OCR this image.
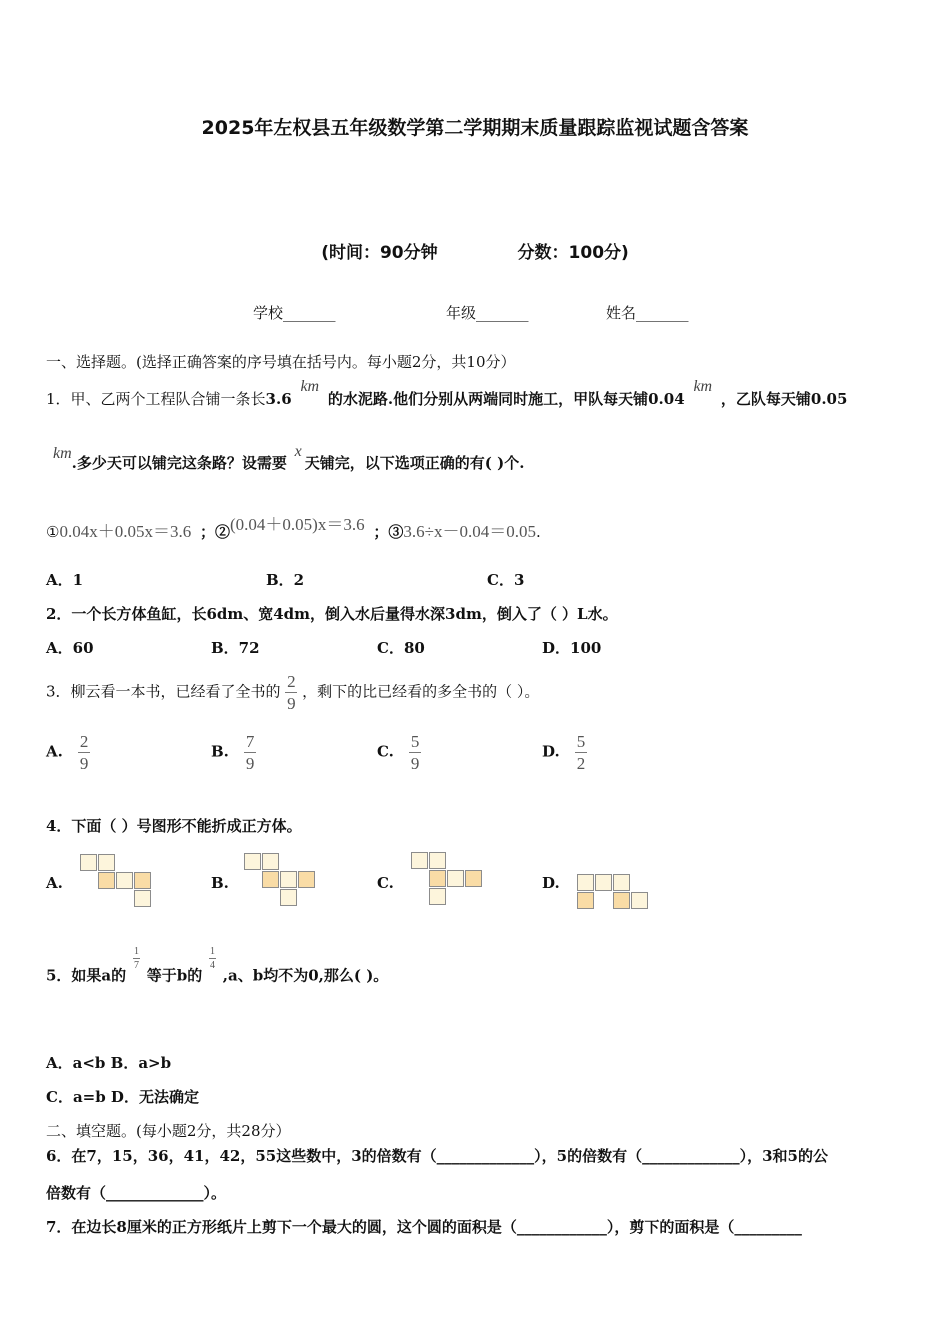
2025年左权县五年级数学第二学期期末质量跟踪监视试题含答案
(时间：90分钟	分数：100分)
学校_______	年级_______	姓名_______
一、选择题。(选择正确答案的序号填在括号内。每小题2分，共10分）
1．甲、乙两个工程队合铺一条长3.6 km 的水泥路.他们分别从两端同时施工，甲队每天铺0.04 km ，乙队每天铺0.05
km.多少天可以铺完这条路？设需要 x天铺完，以下选项正确的有( )个.
①0.04x＋0.05x＝3.6 ；②(0.04＋0.05)x＝3.6 ；③3.6÷x－0.04＝0.05.
A．1	B．2	C．3
2．一个长方体鱼缸，长6dm、宽4dm，倒入水后量得水深3dm，倒入了（ ）L水。
A．60	B．72	C．80	D．100
3．柳云看一本书，已经看了全书的 $\frac{2}{9}$ ，剩下的比已经看的多全书的（ ）。
A. $\frac{2}{9}$	B. $\frac{7}{9}$	C. $\frac{5}{9}$	D. $\frac{5}{2}$
4．下面（ ）号图形不能折成正方体。
A.	B.	C.	D.
5．如果a的
$\frac{1}{7}$
等于b的
$\frac{1}{4}$
,a、b均不为0,那么( )。
A．a<b B．a>b
C．a=b D．无法确定
二、填空题。(每小题2分，共28分）
6．在7，15，36，41，42，55这些数中，3的倍数有（_____________），5的倍数有（_____________），3和5的公
倍数有（_____________）。
7．在边长8厘米的正方形纸片上剪下一个最大的圆，这个圆的面积是（____________），剪下的面积是（_________
